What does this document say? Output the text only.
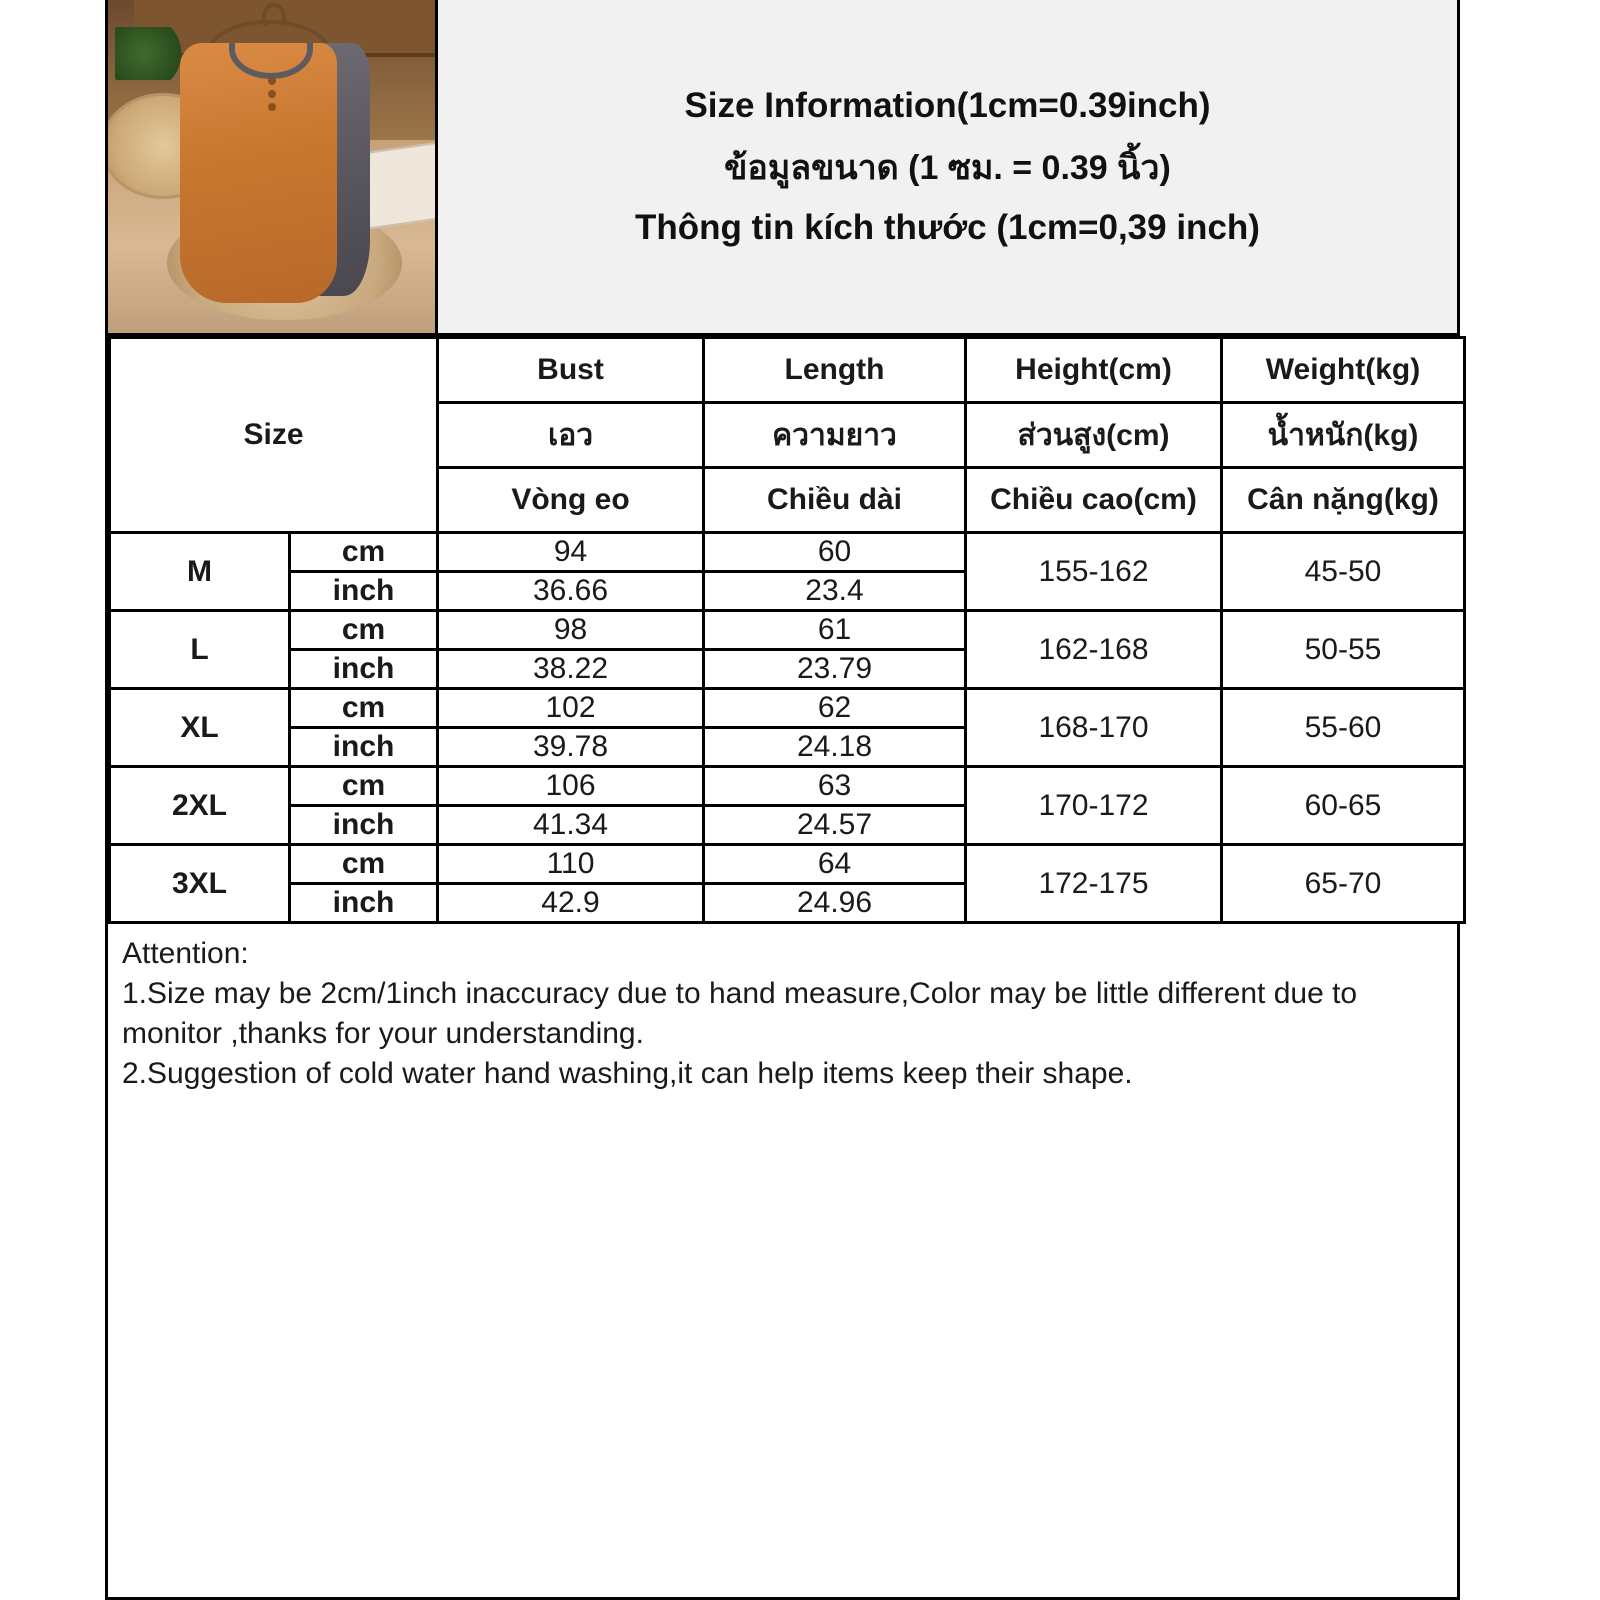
Size Information(1cm=0.39inch)
ข้อมูลขนาด (1 ซม. = 0.39 นิ้ว)
Thông tin kích thước (1cm=0,39 inch)
Size		Bust	Length	Height(cm)	Weight(kg)
		เอว	ความยาว	ส่วนสูง(cm)	น้ำหนัก(kg)
		Vòng eo	Chiều dài	Chiều cao(cm)	Cân nặng(kg)
M	cm	94	60	155-162	45-50
	inch	36.66	23.4		
L	cm	98	61	162-168	50-55
	inch	38.22	23.79		
XL	cm	102	62	168-170	55-60
	inch	39.78	24.18		
2XL	cm	106	63	170-172	60-65
	inch	41.34	24.57		
3XL	cm	110	64	172-175	65-70
	inch	42.9	24.96		
Attention:
1.Size may be 2cm/1inch inaccuracy due to hand measure,Color may be little different due to monitor ,thanks for your understanding.
2.Suggestion of cold water hand washing,it can help items keep their shape.
